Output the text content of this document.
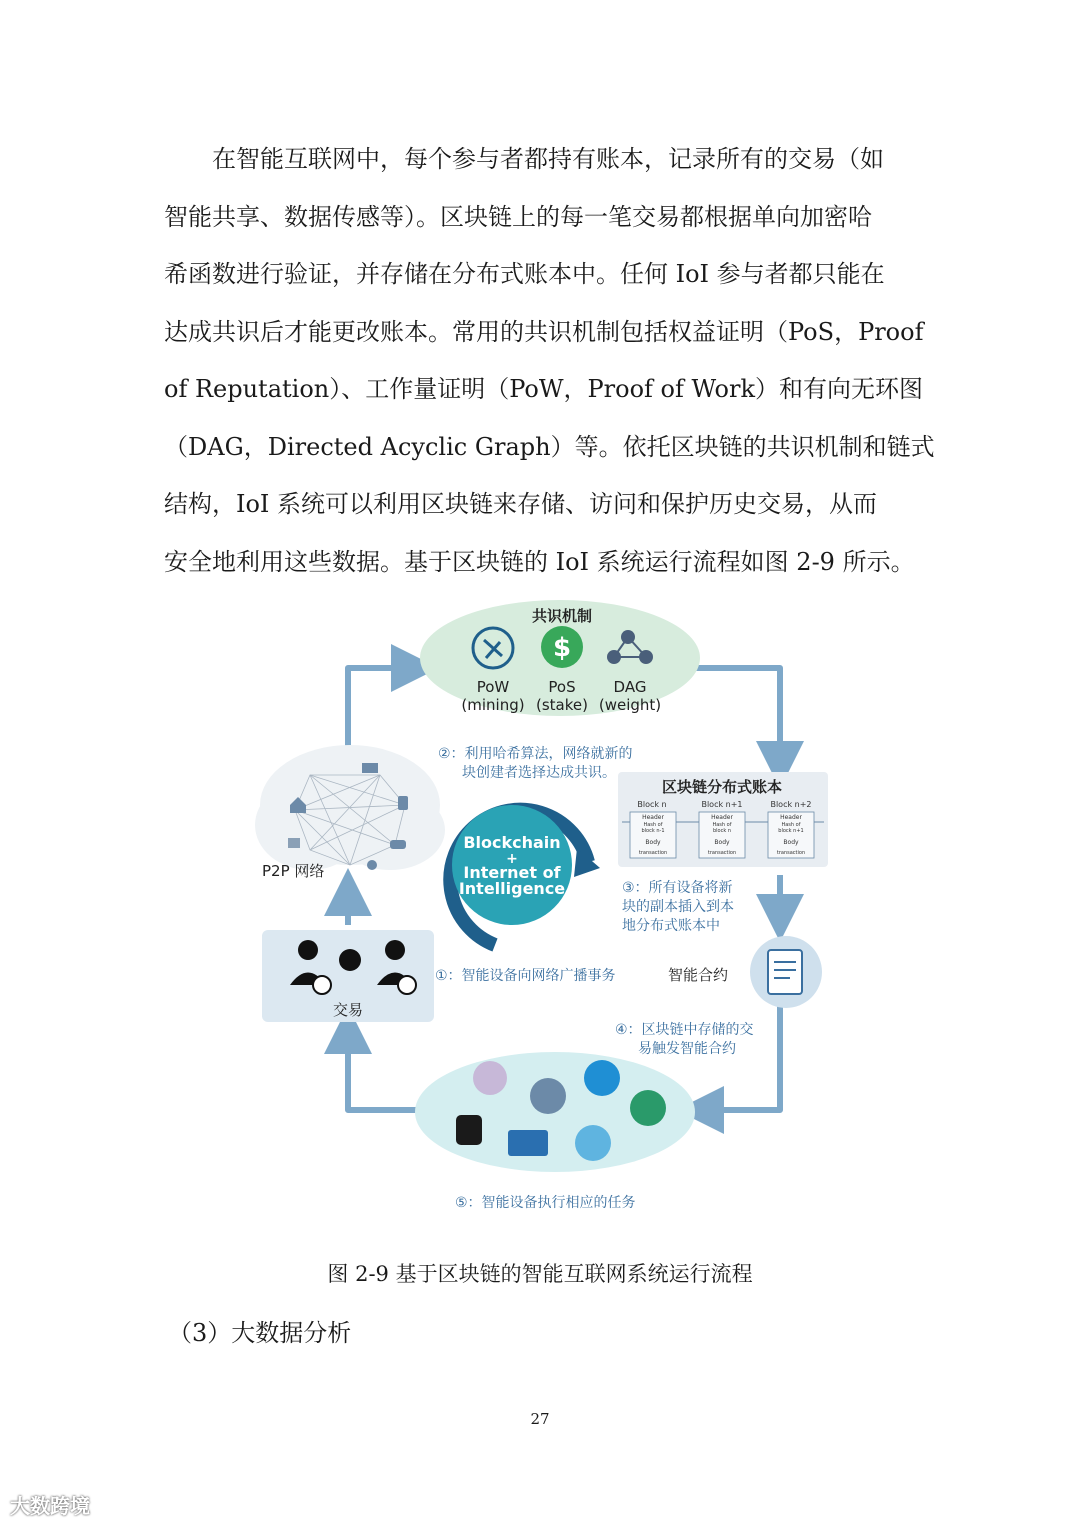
　　在智能互联网中，每个参与者都持有账本，记录所有的交易（如
智能共享、数据传感等）。区块链上的每一笔交易都根据单向加密哈
希函数进行验证，并存储在分布式账本中。任何 IoI 参与者都只能在
达成共识后才能更改账本。常用的共识机制包括权益证明（PoS，Proof
of Reputation）、工作量证明（PoW，Proof of Work）和有向无环图
（DAG，Directed Acyclic Graph）等。依托区块链的共识机制和链式
结构，IoI 系统可以利用区块链来存储、访问和保护历史交易，从而
安全地利用这些数据。基于区块链的 IoI 系统运行流程如图 2-9 所示。
共识机制
$
PoW
(mining)
PoS
(stake)
DAG
(weight)
②：利用哈希算法，网络就新的
块创建者选择达成共识。
P2P 网络
Blockchain
+
Internet of
Intelligence
区块链分布式账本
Block n
Header
Hash of
block n-1
Body
transaction
Block n+1
Header
Hash of
block n
Body
transaction
Block n+2
Header
Hash of
block n+1
Body
transaction
③：所有设备将新
块的副本插入到本
地分布式账本中
交易
①：智能设备向网络广播事务	智能合约
④：区块链中存储的交
易触发智能合约
⑤：智能设备执行相应的任务
图 2-9 基于区块链的智能互联网系统运行流程
（3）大数据分析
27
大数跨境
